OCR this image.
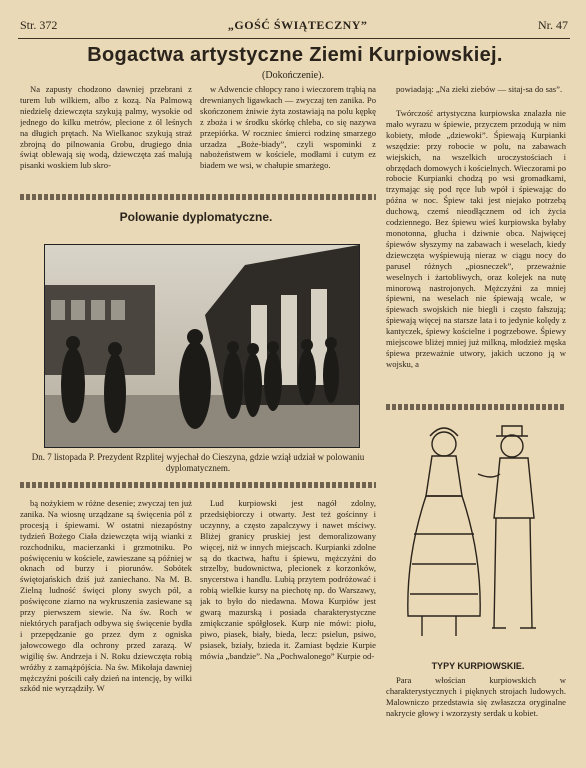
Str. 372	„GOŚĆ ŚWIĄTECZNY”	Nr. 47
Bogactwa artystyczne Ziemi Kurpiowskiej.
(Dokończenie).

Na zapusty chodzono dawniej przebrani z turem lub wilkiem, albo z kozą. Na Palmową niedzielę dziewczęta szykują palmy, wysokie od jednego do kilku metrów, plecione z ól leśnych na długich prętach. Na Wielkanoc szykują straż zbrojną do pilnowania Grobu, drugiego dnia świąt oblewają się wodą, dziewczęta zaś malują pisanki woskiem lub skro-

w Adwencie chłopcy rano i wieczorem trąbią na drewnianych ligawkach — zwyczaj ten zanika. Po skończonem żniwie żyta zostawiają na polu kępkę z zboża i w środku skórkę chleba, co się nazywa przepiórka. W roczniec śmierci rodzinę smarzego urzadza „Boże-biady”, czyli wspominki z nabożeństwem w kościele, modłami i cutym ez biadem we wsi, w chałupie smarżego.

powiadają: „Na zieki ziebów — sitaj-sa do sas”.

Twórczość artystyczna kurpiowska znalazła nie mało wyrazu w śpiewie, przyczem przodują w nim kobiety, młode „dziewoki”. Śpiewają Kurpianki wszędzie: przy robocie w polu, na zabawach wiejskich, na wszelkich uroczystościach i obrzędach domowych i kościelnych. Wieczorami po robocie Kurpianki chodzą po wsi gromadkami, trzymając się pod ręce lub wpół i śpiewając do późna w noc. Śpiew taki jest niejako potrzebą duchową, czemś nieodłącznem od ich życia codziennego. Bez śpiewu wieś kurpiowska byłaby monotonna, głucha i dziwnie obca. Najwięcej śpiewów słyszymy na zabawach i weselach, kiedy dziewczęta wyśpiewują nieraz w ciągu nocy do parusel różnych „piosneczek”, przeważnie weselnych i żartobliwych, oraz kolejek na nutę minorową nastrojonych. Mężczyźni za mniej śpiewni, na weselach nie śpiewają wcale, w śpiewach swojskich nie biegli i często fałszują; śpiewają więcej na starsze lata i to jedynie kolędy z kantyczek, śpiewy kościelne i pogrzebowe. Śpiewy miejscowe bliżej mniej już milkną, młodzież męska śpiewa przeważnie utwory, jakich uczono ją w wojsku, a

Polowanie dyplomatyczne.
Dn. 7 listopada P. Prezydent Rzplitej wyjechał do Cieszyna, gdzie wziął udział w polowaniu dyplomatycznem.

bą nożykiem w różne desenie; zwyczaj ten już zanika. Na wiosnę urządzane są święcenia pól z procesją i śpiewami. W ostatni niezapóstny tydzień Bożego Ciała dziewczęta wiją wianki z rozchodniku, macierzanki i grzmotniku. Po poświęceniu w kościele, zawieszane są później w oknach od burzy i piorunów. Sobótek świętojańskich dziś już zaniechano. Na M. B. Zielną ludność święci plony swych pól, a poświęcone ziarno na wykruszenia zasiewane są przy pierwszem siewie. Na św. Roch w niektórych parafjach odbywa się święcenie bydła i przepędzanie go przez dym z ogniska jałowcowego dla ochrony przed zarazą. W wigilię św. Andrzeja i N. Roku dziewczęta robią wróżby z zamążpójścia. Na św. Mikołaja dawniej mężczyźni pościli cały dzień na intencję, by wilki szkód nie wyrządziły. W

Lud kurpiowski jest nagół zdolny, przedsiębiorczy i otwarty. Jest też gościnny i uczynny, a często zapalczywy i nawet mściwy. Bliżej granicy pruskiej jest demoralizowany więcej, niż w innych miejscach. Kurpianki zdolne są do tkactwa, haftu i śpiewu, mężczyźni do strzelby, budownictwa, plecionek z korzonków, snycerstwa i handlu. Lubią przytem podróżować i robią wielkie kursy na piechotę np. do Warszawy, jak to było do niedawna. Mowa Kurpiów jest gwarą mazurską i posiada charakterystyczne zmiękczanie spółgłosek. Kurp nie mówi: piołu, piwo, piasek, biały, bieda, lecz: psielun, psiwo, psiasek, bziały, bzieda it. Zamiast będzie Kurpie mówia „bandzie”. Na „Pochwalonego” Kurpie od-

TYPY KURPIOWSKIE.

Para włościan kurpiowskich w charakterystycznych i pięknych strojach ludowych. Malowniczo przedstawia się zwłaszcza oryginalne nakrycie głowy i wzorzysty serdak u kobiet.
